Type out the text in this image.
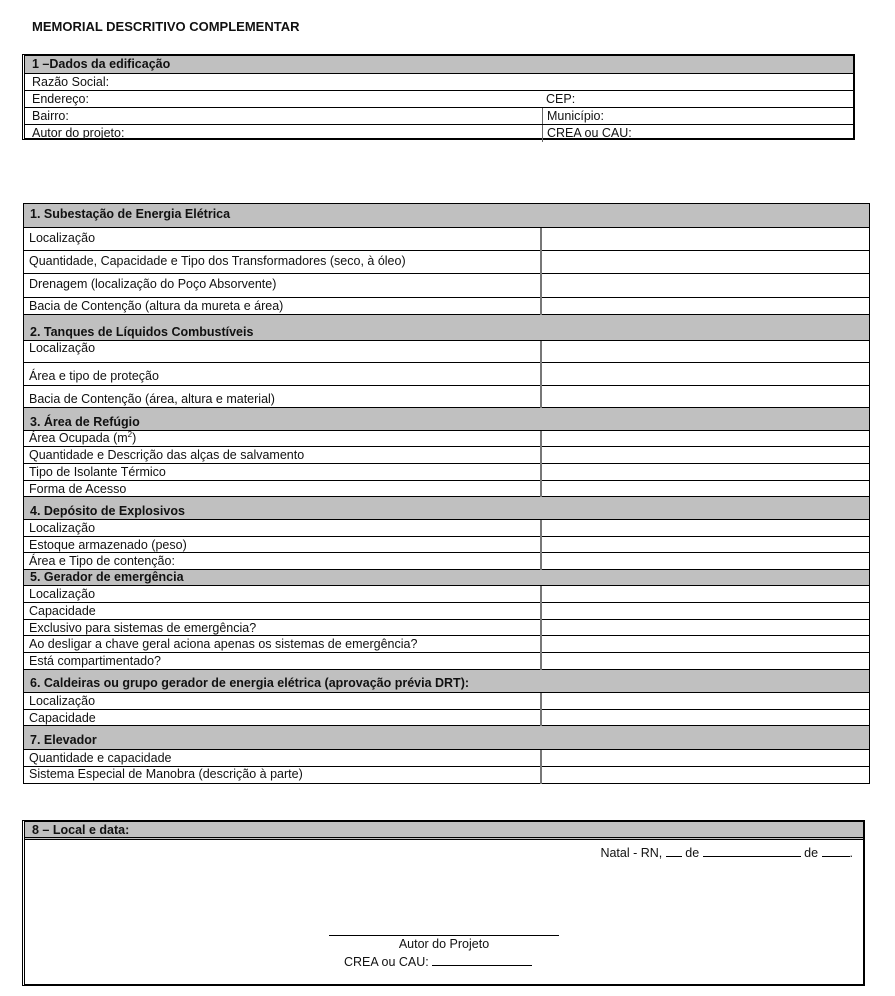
MEMORIAL DESCRITIVO COMPLEMENTAR
1 –Dados da edificação
Razão Social:
Endereço:	CEP:
Bairro:	Município:
Autor do projeto:	CREA ou CAU:
1. Subestação de Energia Elétrica
Localização
Quantidade, Capacidade e Tipo dos Transformadores (seco, à óleo)
Drenagem (localização do Poço Absorvente)
Bacia de Contenção (altura da mureta e área)
2. Tanques de Líquidos Combustíveis
Localização
Área e tipo de proteção
Bacia de Contenção (área, altura e material)
3. Área de Refúgio
Área Ocupada $(m^2)$
Quantidade e Descrição das alças de salvamento
Tipo de Isolante Térmico
Forma de Acesso
4. Depósito de Explosivos
Localização
Estoque armazenado (peso)
Área e Tipo de contenção:
5. Gerador de emergência
Localização
Capacidade
Exclusivo para sistemas de emergência?
Ao desligar a chave geral aciona apenas os sistemas de emergência?
Está compartimentado?
6. Caldeiras ou grupo gerador de energia elétrica (aprovação prévia DRT):
Localização
Capacidade
7. Elevador
Quantidade e capacidade
Sistema Especial de Manobra (descrição à parte)
8 – Local e data:
Natal - RN, de	de	.
Autor do Projeto
CREA ou CAU:
